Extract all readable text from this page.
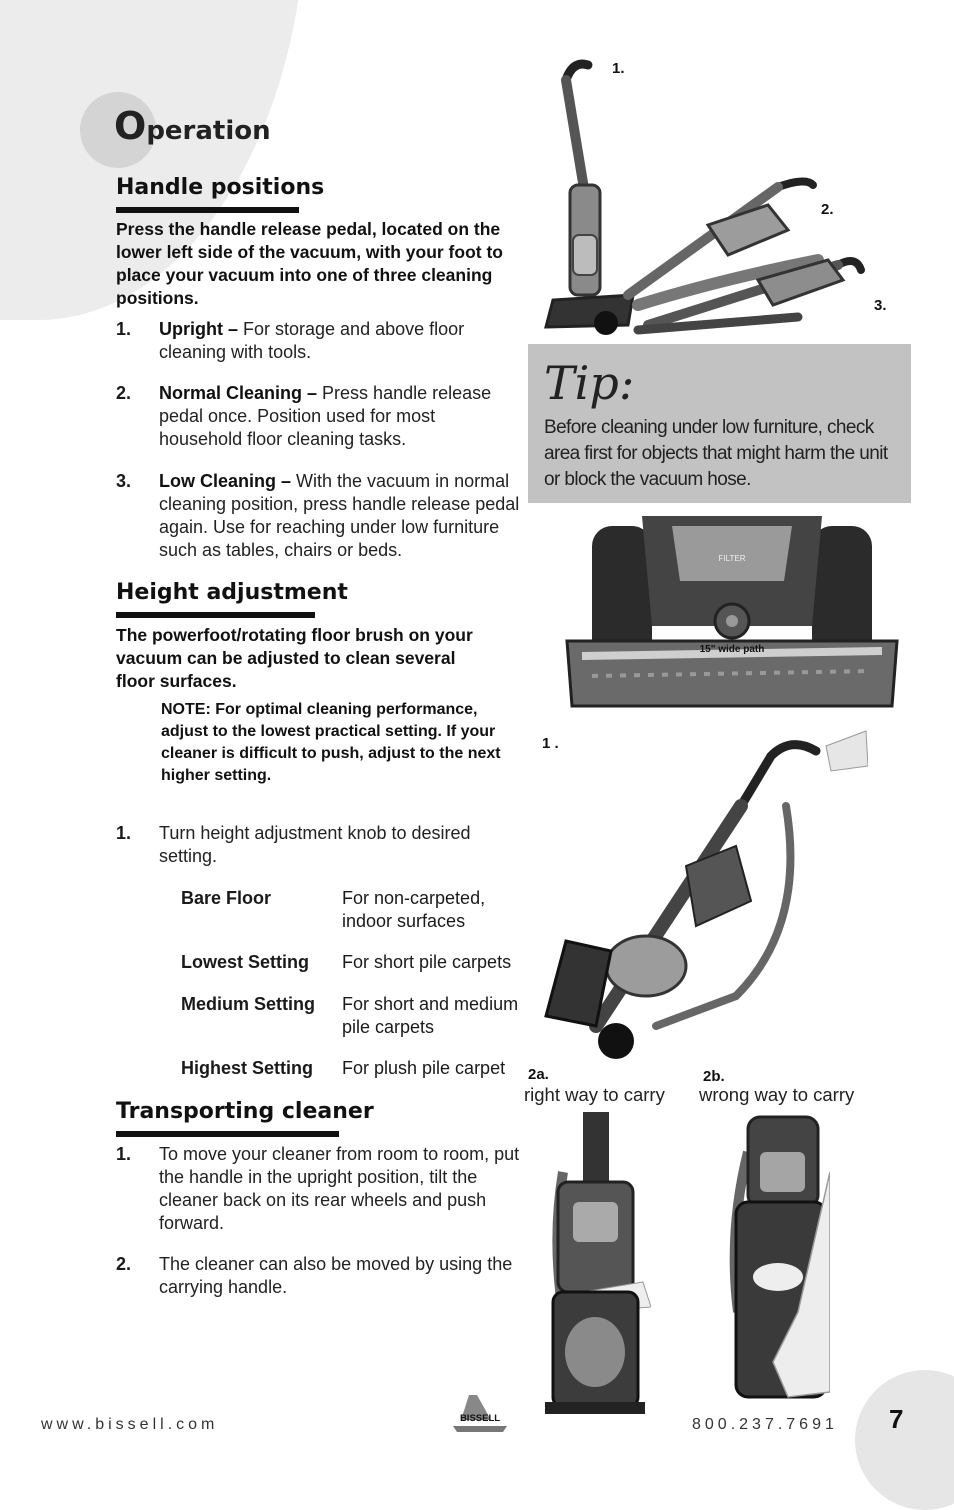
Operation
Handle positions
Press the handle release pedal, located on the lower left side of the vacuum, with your foot to place your vacuum into one of three cleaning positions.
1. Upright – For storage and above floor cleaning with tools.
2. Normal Cleaning – Press handle release pedal once. Position used for most household floor cleaning tasks.
3. Low Cleaning – With the vacuum in normal cleaning position, press handle release pedal again. Use for reaching under low furniture such as tables, chairs or beds.
Height adjustment
The powerfoot/rotating floor brush on your vacuum can be adjusted to clean several floor surfaces.
NOTE: For optimal cleaning performance, adjust to the lowest practical setting. If your cleaner is difficult to push, adjust to the next higher setting.
1. Turn height adjustment knob to desired setting.
Bare Floor	For non-carpeted, indoor surfaces
Lowest Setting For short pile carpets
Medium Setting For short and medium pile carpets
Highest Setting For plush pile carpet
Transporting cleaner
1. To move your cleaner from room to room, put the handle in the upright position, tilt the cleaner back on its rear wheels and push forward.
2. The cleaner can also be moved by using the carrying handle.
1.
2.
3.
Tip:
Before cleaning under low furniture, check area first for objects that might harm the unit or block the vacuum hose.
FILTER
15" wide path
1 .
2a.
right way to carry
2b.
wrong way to carry
www.bissell.com	BISSELL	800.237.7691 7
